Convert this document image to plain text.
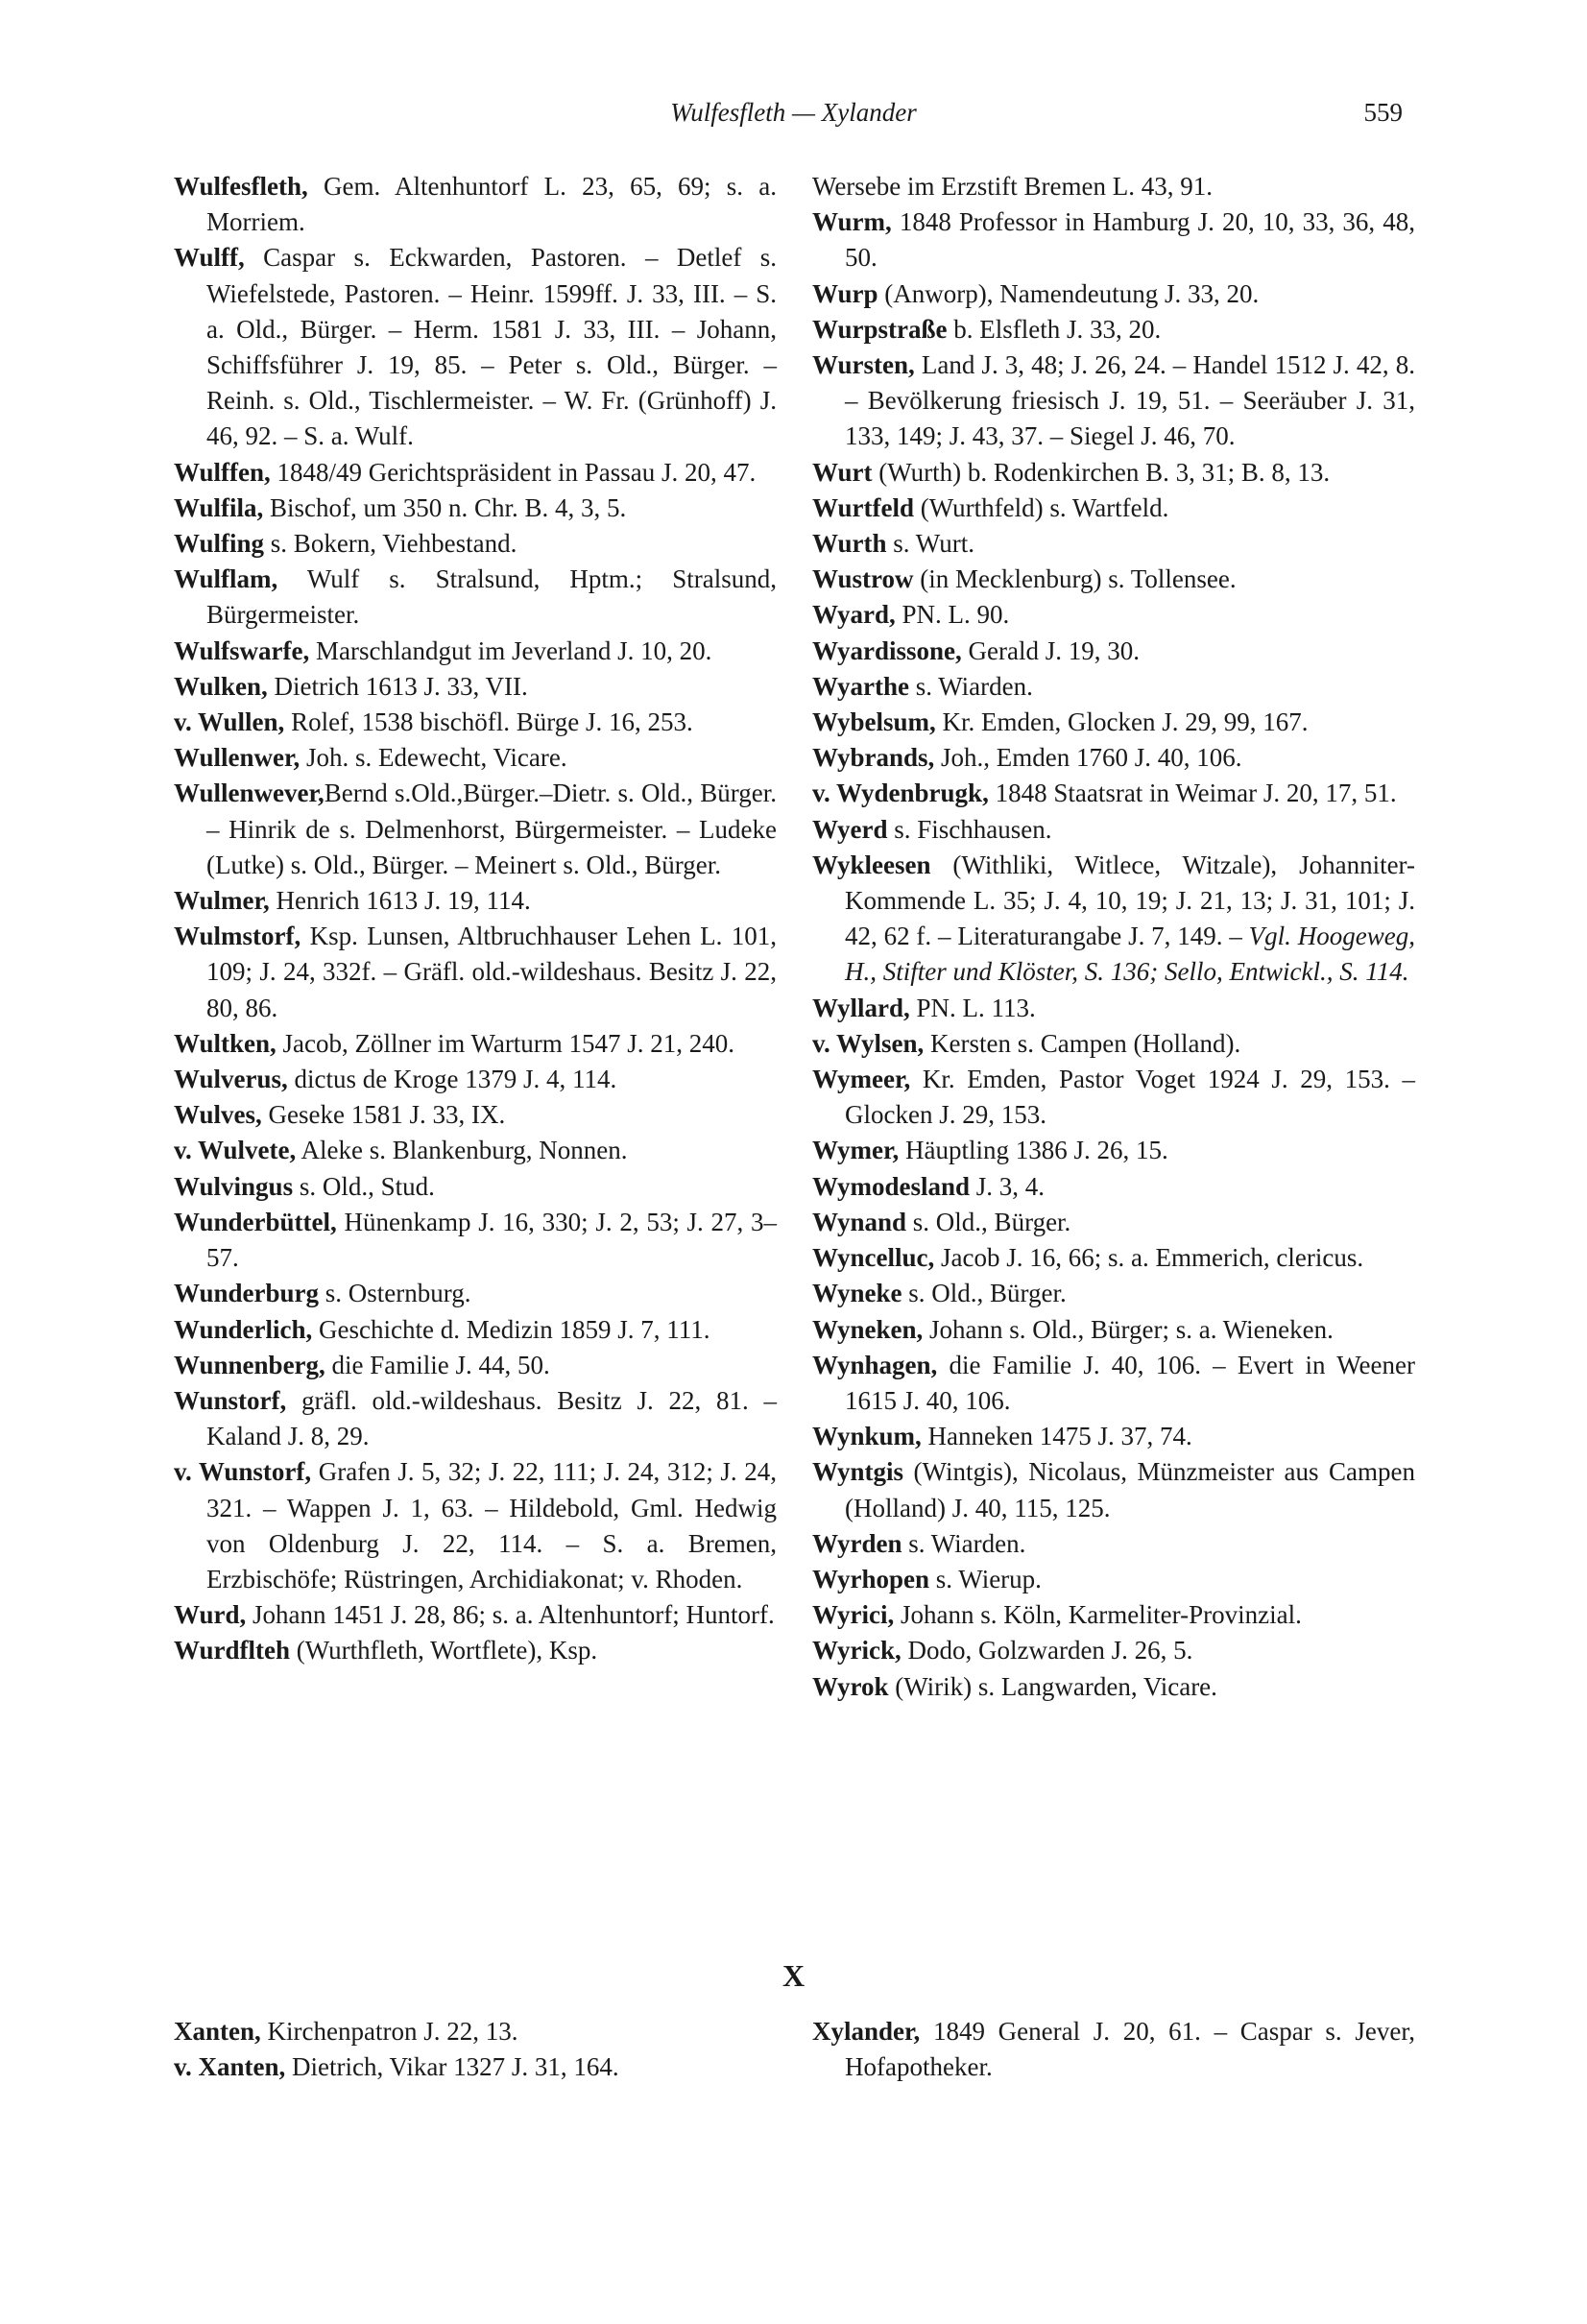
Wulfesfleth — Xylander	559

Wulfesfleth, Gem. Altenhuntorf L. 23, 65, 69; s. a. Morriem.

Wulff, Caspar s. Eckwarden, Pastoren. – Detlef s. Wiefelstede, Pastoren. – Heinr. 1599ff. J. 33, III. – S. a. Old., Bürger. – Herm. 1581 J. 33, III. – Johann, Schiffsführer J. 19, 85. – Peter s. Old., Bürger. – Reinh. s. Old., Tischlermeister. – W. Fr. (Grünhoff) J. 46, 92. – S. a. Wulf.

Wulffen, 1848/49 Gerichtspräsident in Passau J. 20, 47.

Wulfila, Bischof, um 350 n. Chr. B. 4, 3, 5.

Wulfing s. Bokern, Viehbestand.

Wulflam, Wulf s. Stralsund, Hptm.; Stralsund, Bürgermeister.

Wulfswarfe, Marschlandgut im Jeverland J. 10, 20.

Wulken, Dietrich 1613 J. 33, VII.

v. Wullen, Rolef, 1538 bischöfl. Bürge J. 16, 253.

Wullenwer, Joh. s. Edewecht, Vicare.

Wullenwever,Bernd s.Old.,Bürger.–Dietr. s. Old., Bürger. – Hinrik de s. Delmenhorst, Bürgermeister. – Ludeke (Lutke) s. Old., Bürger. – Meinert s. Old., Bürger.

Wulmer, Henrich 1613 J. 19, 114.

Wulmstorf, Ksp. Lunsen, Altbruchhauser Lehen L. 101, 109; J. 24, 332f. – Gräfl. old.-wildeshaus. Besitz J. 22, 80, 86.

Wultken, Jacob, Zöllner im Warturm 1547 J. 21, 240.

Wulverus, dictus de Kroge 1379 J. 4, 114.

Wulves, Geseke 1581 J. 33, IX.

v. Wulvete, Aleke s. Blankenburg, Nonnen.

Wulvingus s. Old., Stud.

Wunderbüttel, Hünenkamp J. 16, 330; J. 2, 53; J. 27, 3–57.

Wunderburg s. Osternburg.

Wunderlich, Geschichte d. Medizin 1859 J. 7, 111.

Wunnenberg, die Familie J. 44, 50.

Wunstorf, gräfl. old.-wildeshaus. Besitz J. 22, 81. – Kaland J. 8, 29.

v. Wunstorf, Grafen J. 5, 32; J. 22, 111; J. 24, 312; J. 24, 321. – Wappen J. 1, 63. – Hildebold, Gml. Hedwig von Oldenburg J. 22, 114. – S. a. Bremen, Erzbischöfe; Rüstringen, Archidiakonat; v. Rhoden.

Wurd, Johann 1451 J. 28, 86; s. a. Altenhuntorf; Huntorf.

Wurdflteh (Wurthfleth, Wortflete), Ksp.

Wersebe im Erzstift Bremen L. 43, 91.

Wurm, 1848 Professor in Hamburg J. 20, 10, 33, 36, 48, 50.

Wurp (Anworp), Namendeutung J. 33, 20.

Wurpstraße b. Elsfleth J. 33, 20.

Wursten, Land J. 3, 48; J. 26, 24. – Handel 1512 J. 42, 8. – Bevölkerung friesisch J. 19, 51. – Seeräuber J. 31, 133, 149; J. 43, 37. – Siegel J. 46, 70.

Wurt (Wurth) b. Rodenkirchen B. 3, 31; B. 8, 13.

Wurtfeld (Wurthfeld) s. Wartfeld.

Wurth s. Wurt.

Wustrow (in Mecklenburg) s. Tollensee.

Wyard, PN. L. 90.

Wyardissone, Gerald J. 19, 30.

Wyarthe s. Wiarden.

Wybelsum, Kr. Emden, Glocken J. 29, 99, 167.

Wybrands, Joh., Emden 1760 J. 40, 106.

v. Wydenbrugk, 1848 Staatsrat in Weimar J. 20, 17, 51.

Wyerd s. Fischhausen.

Wykleesen (Withliki, Witlece, Witzale), Johanniter-Kommende L. 35; J. 4, 10, 19; J. 21, 13; J. 31, 101; J. 42, 62 f. – Literaturangabe J. 7, 149. – Vgl. Hoogeweg, H., Stifter und Klöster, S. 136; Sello, Entwickl., S. 114.

Wyllard, PN. L. 113.

v. Wylsen, Kersten s. Campen (Holland).

Wymeer, Kr. Emden, Pastor Voget 1924 J. 29, 153. – Glocken J. 29, 153.

Wymer, Häuptling 1386 J. 26, 15.

Wymodesland J. 3, 4.

Wynand s. Old., Bürger.

Wyncelluc, Jacob J. 16, 66; s. a. Emmerich, clericus.

Wyneke s. Old., Bürger.

Wyneken, Johann s. Old., Bürger; s. a. Wieneken.

Wynhagen, die Familie J. 40, 106. – Evert in Weener 1615 J. 40, 106.

Wynkum, Hanneken 1475 J. 37, 74.

Wyntgis (Wintgis), Nicolaus, Münzmeister aus Campen (Holland) J. 40, 115, 125.

Wyrden s. Wiarden.

Wyrhopen s. Wierup.

Wyrici, Johann s. Köln, Karmeliter-Provinzial.

Wyrick, Dodo, Golzwarden J. 26, 5.

Wyrok (Wirik) s. Langwarden, Vicare.

X

Xanten, Kirchenpatron J. 22, 13.

v. Xanten, Dietrich, Vikar 1327 J. 31, 164.

Xylander, 1849 General J. 20, 61. – Caspar s. Jever, Hofapotheker.
